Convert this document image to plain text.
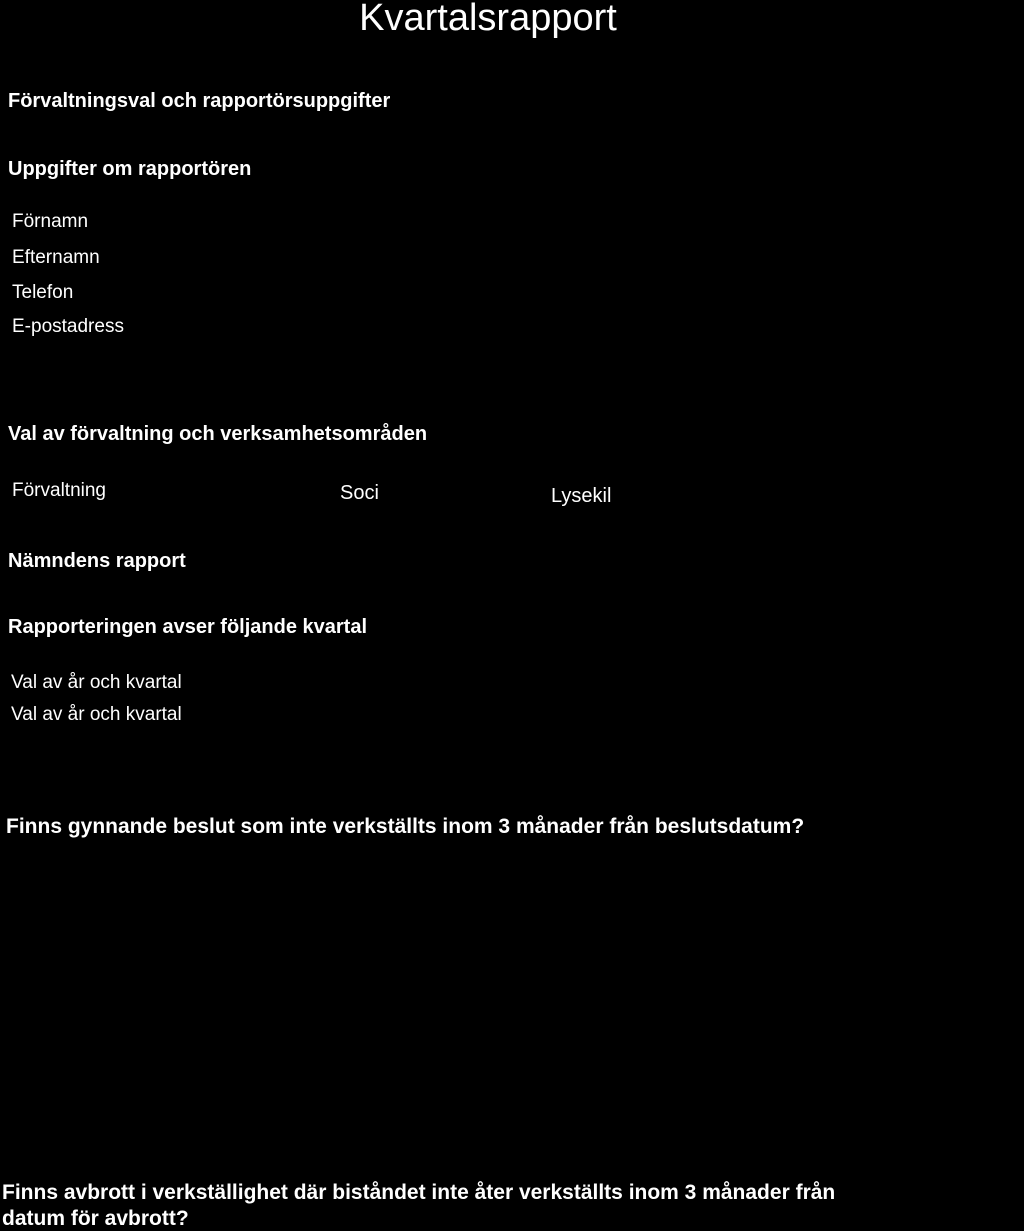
Kvartalsrapport
Förvaltningsval och rapportörsuppgifter
Uppgifter om rapportören
Förnamn
Efternamn
Telefon
E-postadress
Val av förvaltning och verksamhetsområden
Förvaltning	Soci	Lysekil
Nämndens rapport
Rapporteringen avser följande kvartal
Val av år och kvartal
Val av år och kvartal
Finns gynnande beslut som inte verkställts inom 3 månader från beslutsdatum?
Finns avbrott i verkställighet där biståndet inte åter verkställts inom 3 månader från
datum för avbrott?
